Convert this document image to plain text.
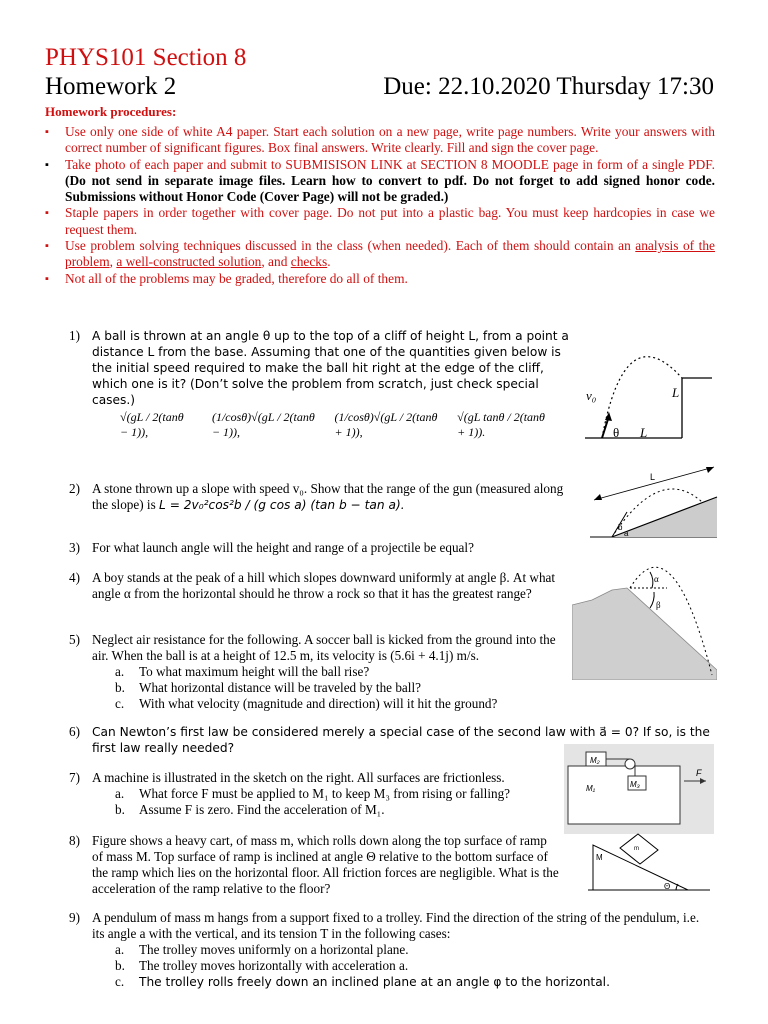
PHYS101 Section 8
Homework 2	Due: 22.10.2020 Thursday 17:30
Homework procedures:
▪ Use only one side of white A4 paper. Start each solution on a new page, write page numbers. Write your answers with correct number of significant figures. Box final answers. Write clearly. Fill and sign the cover page.
▪ Take photo of each paper and submit to SUBMISISON LINK at SECTION 8 MOODLE page in form of a single PDF. (Do not send in separate image files. Learn how to convert to pdf. Do not forget to add signed honor code. Submissions without Honor Code (Cover Page) will not be graded.)
▪ Staple papers in order together with cover page. Do not put into a plastic bag. You must keep hardcopies in case we request them.
▪ Use problem solving techniques discussed in the class (when needed). Each of them should contain an analysis of the problem, a well-constructed solution, and checks.
▪ Not all of the problems may be graded, therefore do all of them.
1) A ball is thrown at an angle θ up to the top of a cliff of height L, from a point a distance L from the base. Assuming that one of the quantities given below is the initial speed required to make the ball hit right at the edge of the cliff, which one is it? (Don’t solve the problem from scratch, just check special cases.)
√(gL / 2(tanθ − 1)),
(1/cosθ)√(gL / 2(tanθ − 1)),
(1/cosθ)√(gL / 2(tanθ + 1)),
√(gL tanθ / 2(tanθ + 1)).
v₀
θ
L
L
2) A stone thrown up a slope with speed v₀. Show that the range of the gun (measured along the slope) is L = 2v₀²cos²b / (g cos a) (tan b − tan a).
L
b
a
3) For what launch angle will the height and range of a projectile be equal?
4) A boy stands at the peak of a hill which slopes downward uniformly at angle β. At what angle α from the horizontal should he throw a rock so that it has the greatest range?
α
β
5) Neglect air resistance for the following. A soccer ball is kicked from the ground into the air. When the ball is at a height of 12.5 m, its velocity is (5.6i + 4.1j) m/s.
a. To what maximum height will the ball rise?
b. What horizontal distance will be traveled by the ball?
c. With what velocity (magnitude and direction) will it hit the ground?
6) Can Newton’s first law be considered merely a special case of the second law with a⃗ = 0? If so, is the first law really needed?
7) A machine is illustrated in the sketch on the right. All surfaces are frictionless.
a. What force F must be applied to M₁ to keep M₃ from rising or falling?
b. Assume F is zero. Find the acceleration of M₁.
M₂
M₁	M₃
F
8) Figure shows a heavy cart, of mass m, which rolls down along the top surface of ramp of mass M. Top surface of ramp is inclined at angle Θ relative to the bottom surface of the ramp which lies on the horizontal floor. All friction forces are negligible. What is the acceleration of the ramp relative to the floor?
M
m
Θ
9) A pendulum of mass m hangs from a support fixed to a trolley. Find the direction of the string of the pendulum, i.e. its angle a with the vertical, and its tension T in the following cases:
a. The trolley moves uniformly on a horizontal plane.
b. The trolley moves horizontally with acceleration a.
c. The trolley rolls freely down an inclined plane at an angle φ to the horizontal.
